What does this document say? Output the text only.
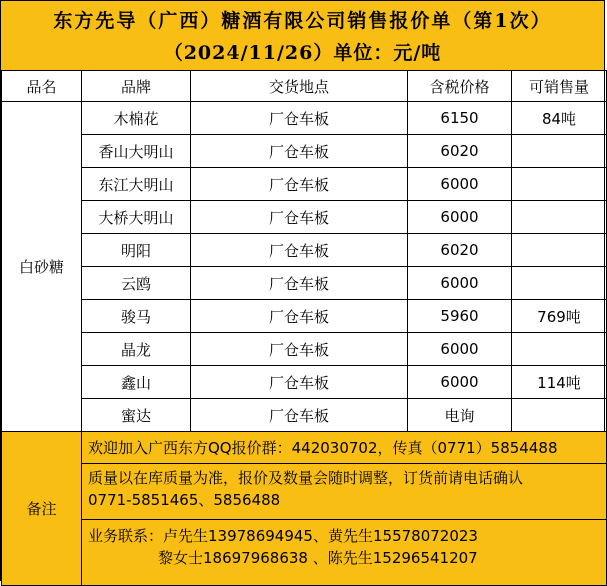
东方先导（广西）糖酒有限公司销售报价单（第1次）
（2024/11/26）单位：元/吨
品名	品牌	交货地点	含税价格	可销售量
白砂糖	木棉花	厂仓车板	6150	84吨
	香山大明山	厂仓车板	6020	
	东江大明山	厂仓车板	6000	
	大桥大明山	厂仓车板	6000	
	明阳	厂仓车板	6020	
	云鸥	厂仓车板	6000	
	骏马	厂仓车板	5960	769吨
	晶龙	厂仓车板	6000	
	鑫山	厂仓车板	6000	114吨
	蜜达	厂仓车板	电询	
备注	欢迎加入广西东方QQ报价群：442030702，传真（0771）5854488			

	质量以在库质量为准，报价及数量会随时调整，订货前请电话确认
0771-5851465、5856488			

	业务联系：卢先生13978694945、黄先生15578072023
黎女士18697968638 、陈先生15296541207			
